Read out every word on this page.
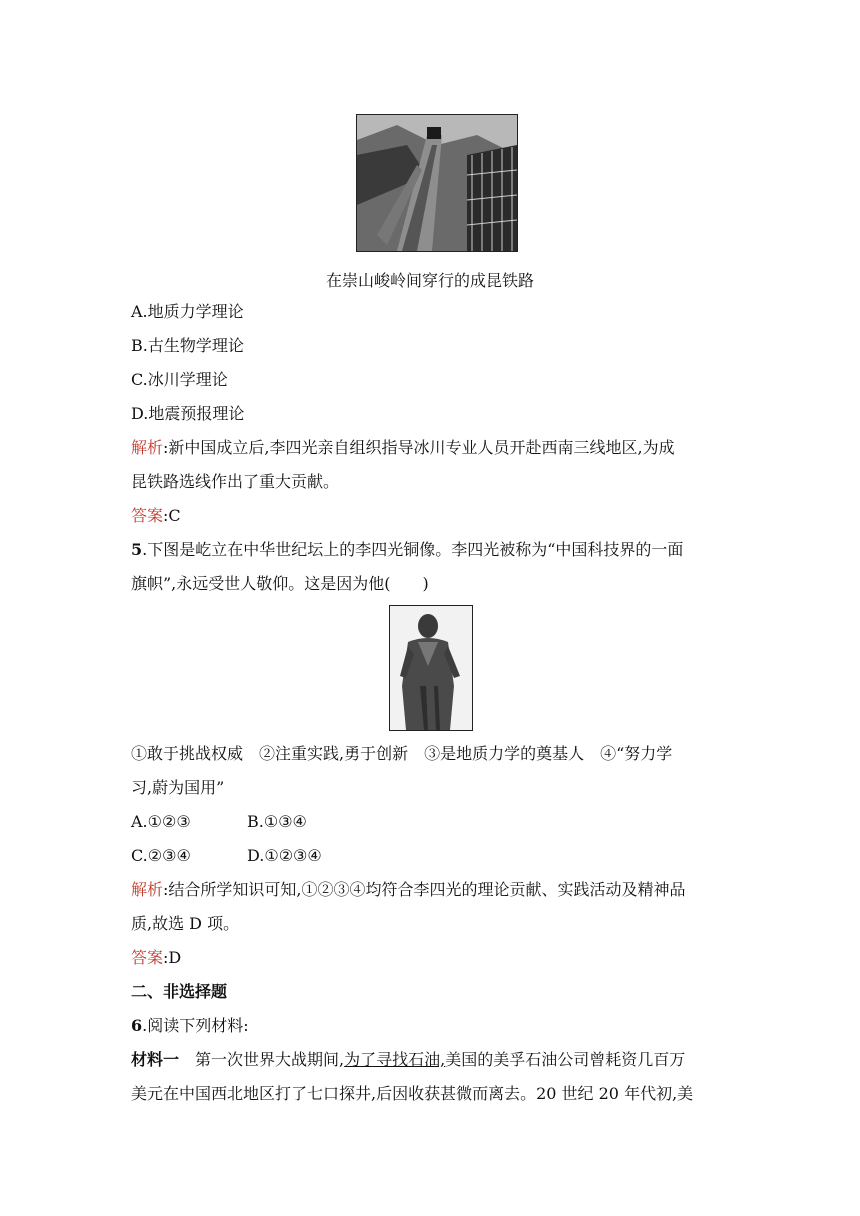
在崇山峻岭间穿行的成昆铁路
A.地质力学理论
B.古生物学理论
C.冰川学理论
D.地震预报理论
解析:新中国成立后,李四光亲自组织指导冰川专业人员开赴西南三线地区,为成
昆铁路选线作出了重大贡献。
答案:C
5.下图是屹立在中华世纪坛上的李四光铜像。李四光被称为“中国科技界的一面
旗帜”,永远受世人敬仰。这是因为他( )
①敢于挑战权威　②注重实践,勇于创新　③是地质力学的奠基人　④“努力学
习,蔚为国用”
A.①②③	B.①③④
C.②③④	D.①②③④
解析:结合所学知识可知,①②③④均符合李四光的理论贡献、实践活动及精神品
质,故选 D 项。
答案:D
二、非选择题
6.阅读下列材料:
材料一　第一次世界大战期间,为了寻找石油,美国的美孚石油公司曾耗资几百万
美元在中国西北地区打了七口探井,后因收获甚微而离去。20 世纪 20 年代初,美
